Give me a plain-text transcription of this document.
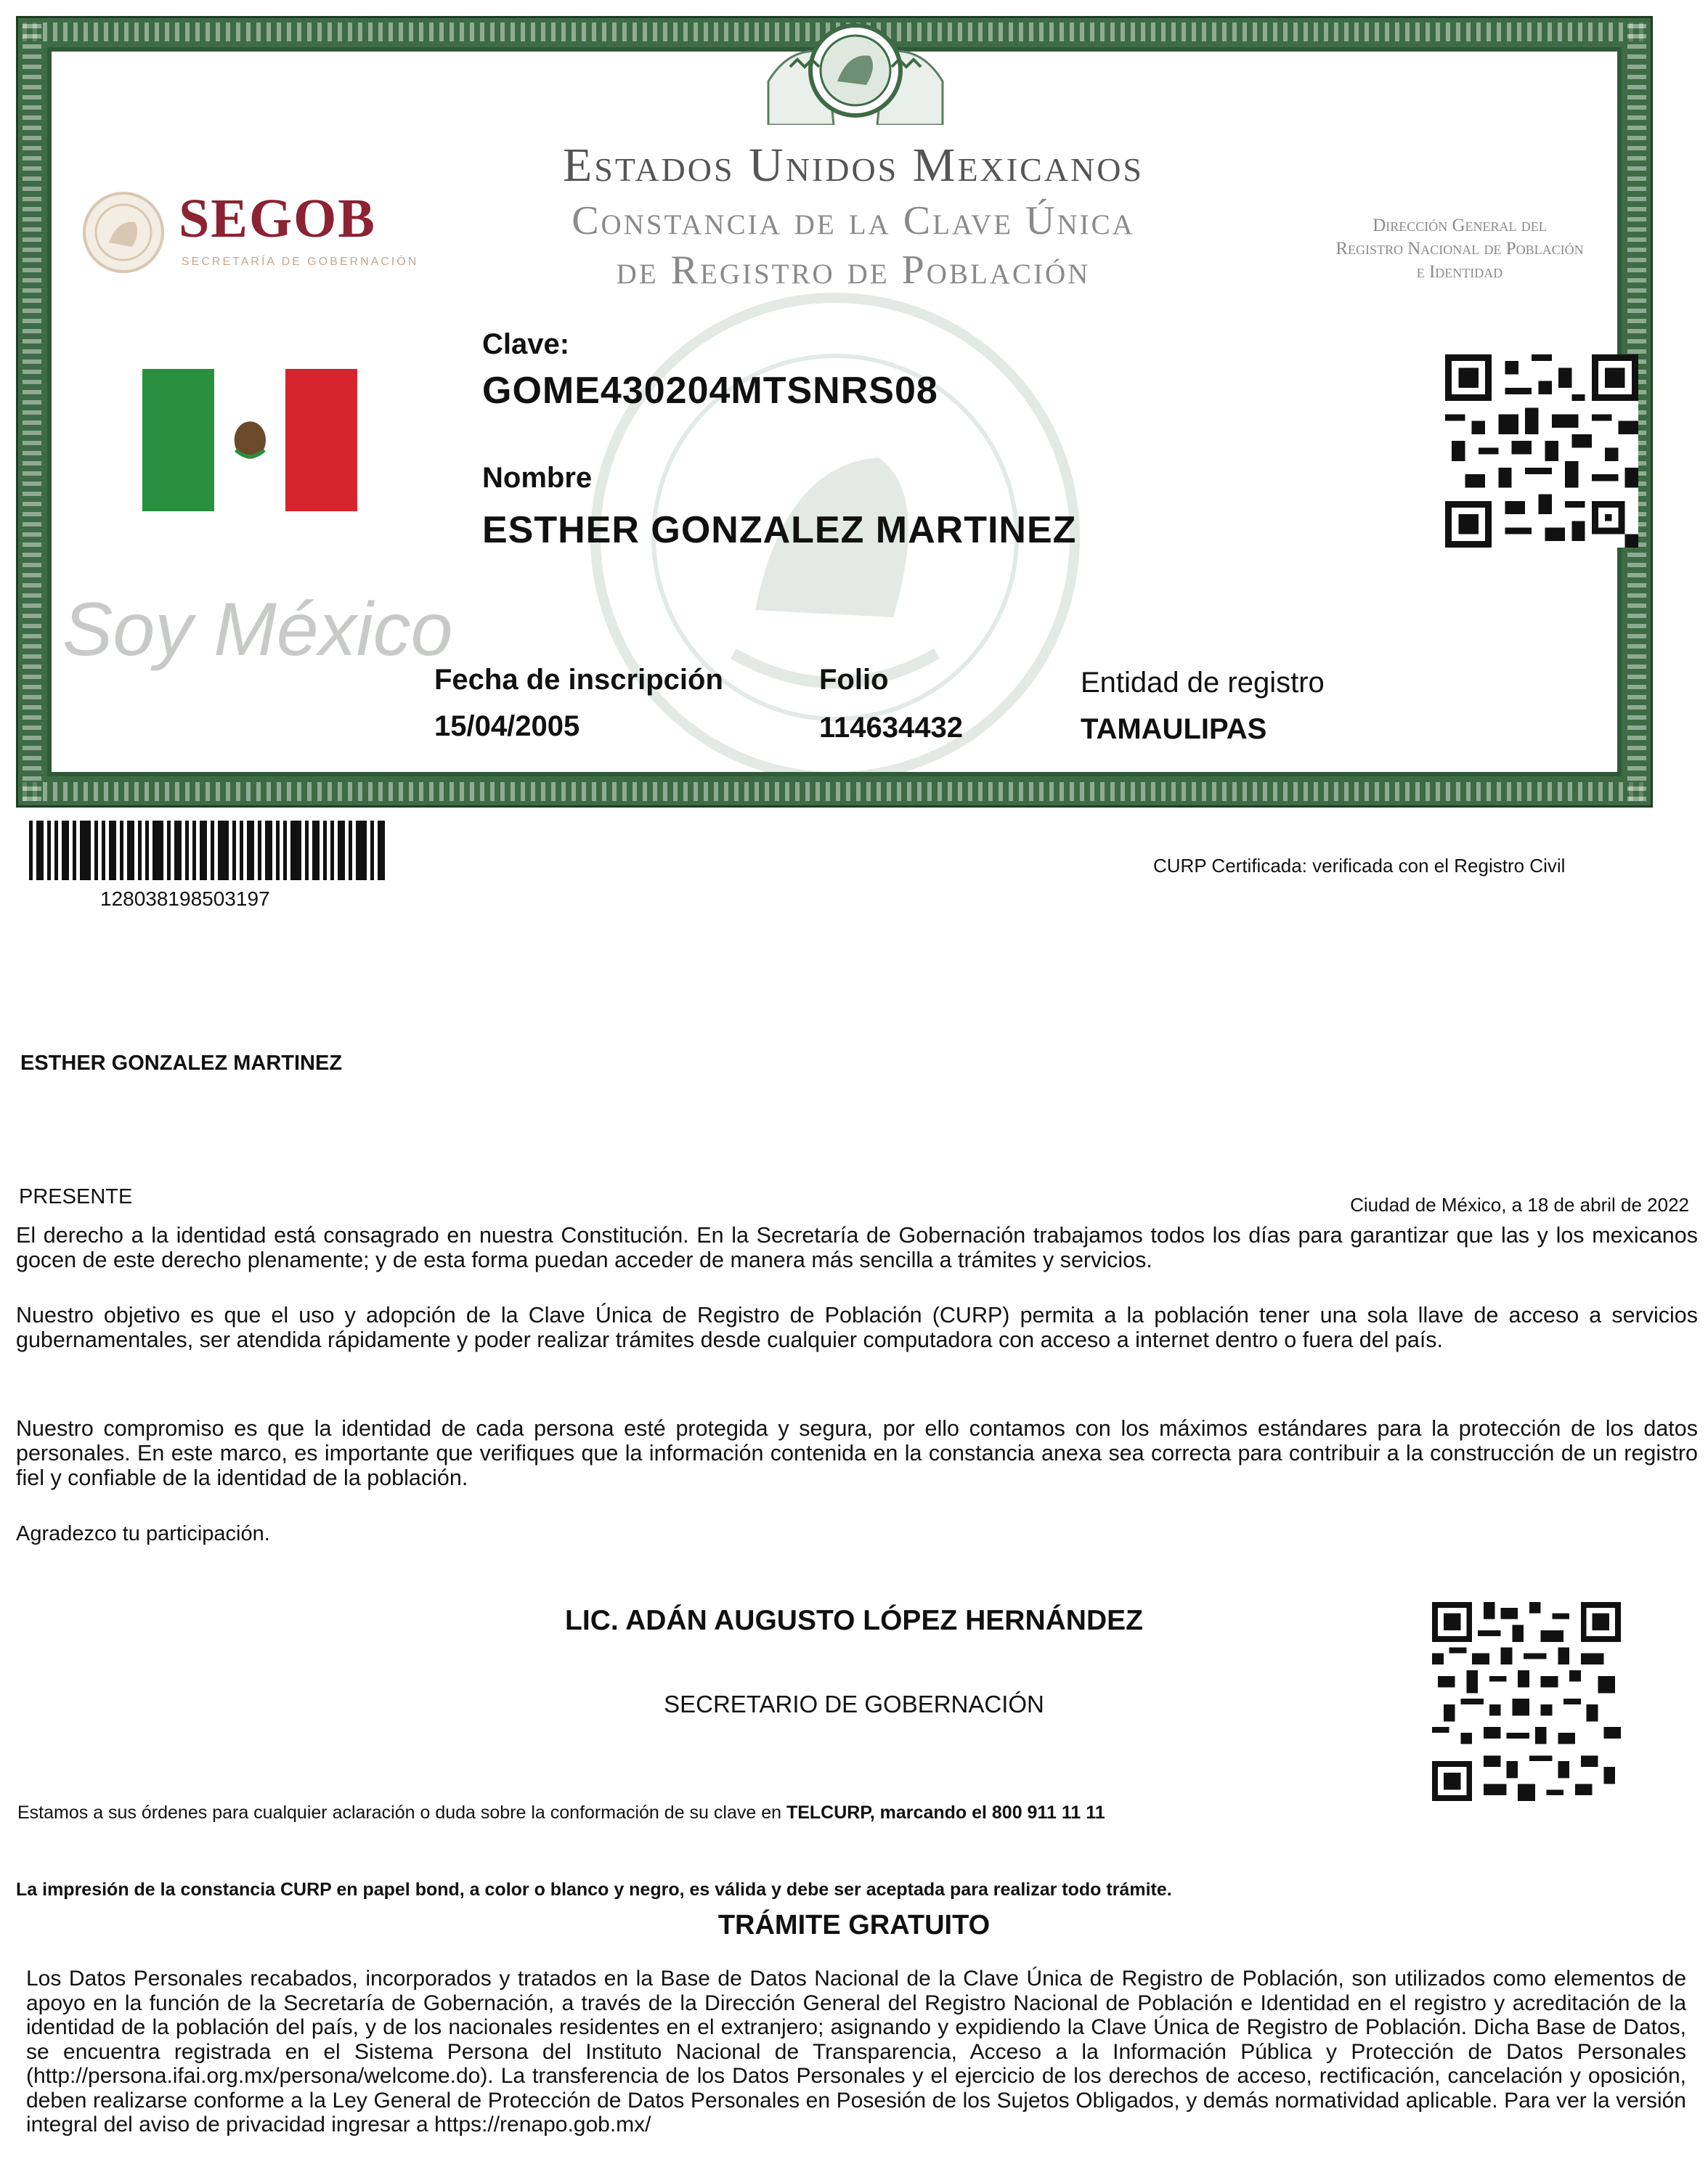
Estados Unidos Mexicanos
Constancia de la Clave Única
de Registro de Población
Dirección General del
Registro Nacional de Población
e Identidad
SEGOB
SECRETARÍA DE GOBERNACIÓN
Soy México
Clave:
GOME430204MTSNRS08
Nombre
ESTHER GONZALEZ MARTINEZ
Fecha de inscripción
15/04/2005
Folio
114634432
Entidad de registro
TAMAULIPAS
128038198503197
CURP Certificada: verificada con el Registro Civil
ESTHER GONZALEZ MARTINEZ
PRESENTE	Ciudad de México, a 18 de abril de 2022
El derecho a la identidad está consagrado en nuestra Constitución. En la Secretaría de Gobernación trabajamos todos los días para garantizar que las y los mexicanos gocen de este derecho plenamente; y de esta forma puedan acceder de manera más sencilla a trámites y servicios.
Nuestro objetivo es que el uso y adopción de la Clave Única de Registro de Población (CURP) permita a la población tener una sola llave de acceso a servicios gubernamentales, ser atendida rápidamente y poder realizar trámites desde cualquier computadora con acceso a internet dentro o fuera del país.
Nuestro compromiso es que la identidad de cada persona esté protegida y segura, por ello contamos con los máximos estándares para la protección de los datos personales. En este marco, es importante que verifiques que la información contenida en la constancia anexa sea correcta para contribuir a la construcción de un registro fiel y confiable de la identidad de la población.
Agradezco tu participación.
LIC. ADÁN AUGUSTO LÓPEZ HERNÁNDEZ
SECRETARIO DE GOBERNACIÓN
Estamos a sus órdenes para cualquier aclaración o duda sobre la conformación de su clave en TELCURP, marcando el 800 911 11 11
La impresión de la constancia CURP en papel bond, a color o blanco y negro, es válida y debe ser aceptada para realizar todo trámite.
TRÁMITE GRATUITO
Los Datos Personales recabados, incorporados y tratados en la Base de Datos Nacional de la Clave Única de Registro de Población, son utilizados como elementos de apoyo en la función de la Secretaría de Gobernación, a través de la Dirección General del Registro Nacional de Población e Identidad en el registro y acreditación de la identidad de la población del país, y de los nacionales residentes en el extranjero; asignando y expidiendo la Clave Única de Registro de Población. Dicha Base de Datos, se encuentra registrada en el Sistema Persona del Instituto Nacional de Transparencia, Acceso a la Información Pública y Protección de Datos Personales (http://persona.ifai.org.mx/persona/welcome.do). La transferencia de los Datos Personales y el ejercicio de los derechos de acceso, rectificación, cancelación y oposición, deben realizarse conforme a la Ley General de Protección de Datos Personales en Posesión de los Sujetos Obligados, y demás normatividad aplicable. Para ver la versión integral del aviso de privacidad ingresar a https://renapo.gob.mx/
